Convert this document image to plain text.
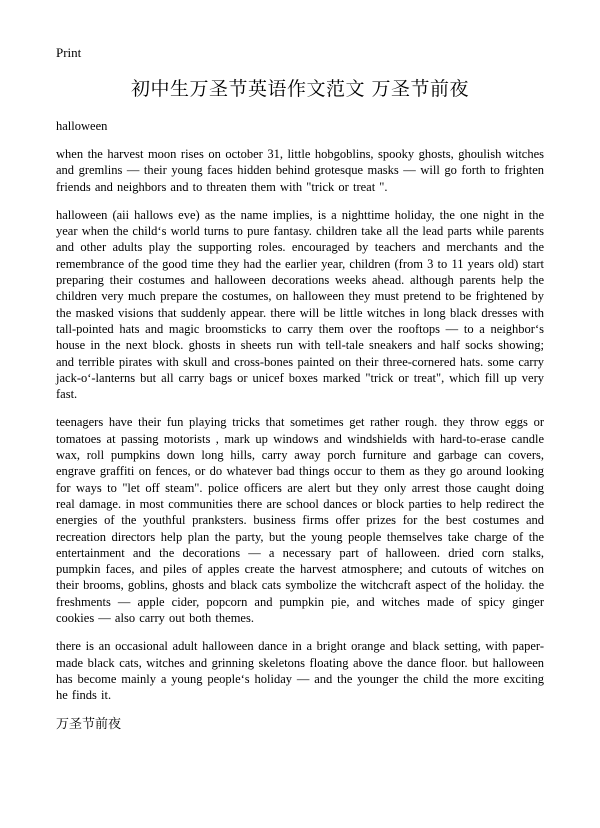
Print
初中生万圣节英语作文范文 万圣节前夜
halloween

when the harvest moon rises on october 31, little hobgoblins, spooky ghosts, ghoulish witches and gremlins — their young faces hidden behind grotesque masks — will go forth to frighten friends and neighbors and to threaten them with "trick or treat ".

halloween (aii hallows eve) as the name implies, is a nighttime holiday, the one night in the year when the child‘s world turns to pure fantasy. children take all the lead parts while parents and other adults play the supporting roles. encouraged by teachers and merchants and the remembrance of the good time they had the earlier year, children (from 3 to 11 years old) start preparing their costumes and halloween decorations weeks ahead. although parents help the children very much prepare the costumes, on halloween they must pretend to be frightened by the masked visions that suddenly appear. there will be little witches in long black dresses with tall-pointed hats and magic broomsticks to carry them over the rooftops — to a neighbor‘s house in the next block. ghosts in sheets run with tell-tale sneakers and half socks showing; and terrible pirates with skull and cross-bones painted on their three-cornered hats. some carry jack-o‘-lanterns but all carry bags or unicef boxes marked "trick or treat", which fill up very fast.

teenagers have their fun playing tricks that sometimes get rather rough. they throw eggs or tomatoes at passing motorists , mark up windows and windshields with hard-to-erase candle wax, roll pumpkins down long hills, carry away porch furniture and garbage can covers, engrave graffiti on fences, or do whatever bad things occur to them as they go around looking for ways to "let off steam". police officers are alert but they only arrest those caught doing real damage. in most communities there are school dances or block parties to help redirect the energies of the youthful pranksters. business firms offer prizes for the best costumes and recreation directors help plan the party, but the young people themselves take charge of the entertainment and the decorations — a necessary part of halloween. dried corn stalks, pumpkin faces, and piles of apples create the harvest atmosphere; and cutouts of witches on their brooms, goblins, ghosts and black cats symbolize the witchcraft aspect of the holiday. the freshments — apple cider, popcorn and pumpkin pie, and witches made of spicy ginger cookies — also carry out both themes.

there is an occasional adult halloween dance in a bright orange and black setting, with paper-made black cats, witches and grinning skeletons floating above the dance floor. but halloween has become mainly a young people‘s holiday — and the younger the child the more exciting he finds it.

万圣节前夜
